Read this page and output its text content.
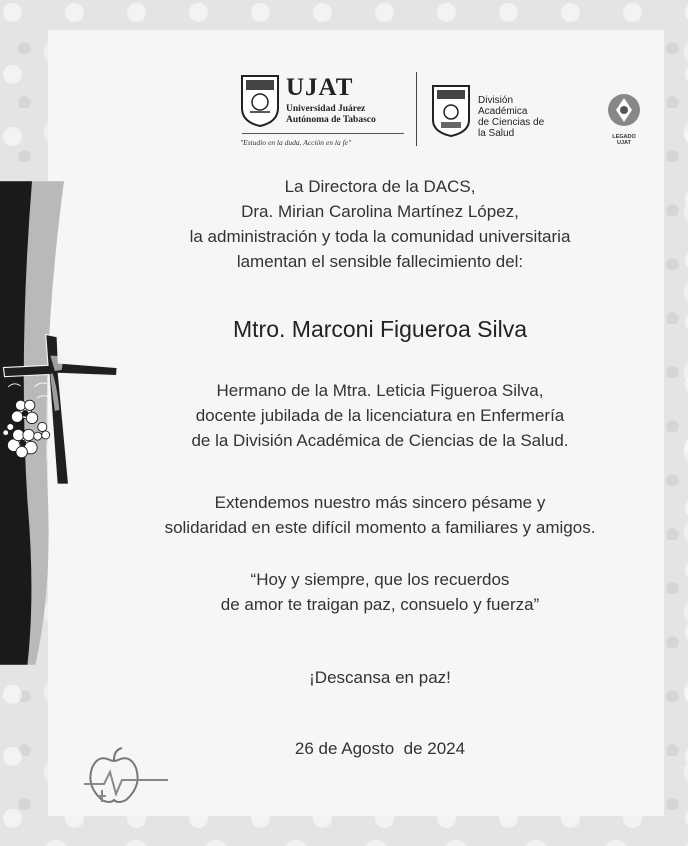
UJAT
Universidad Juárez
Autónoma de Tabasco
"Estudio en la duda. Acción en la fe"
División
Académica
de Ciencias de
la Salud	LEGADO
UJAT
La Directora de la DACS,
Dra. Mirian Carolina Martínez López,
la administración y toda la comunidad universitaria
lamentan el sensible fallecimiento del:
Mtro. Marconi Figueroa Silva
Hermano de la Mtra. Leticia Figueroa Silva,
docente jubilada de la licenciatura en Enfermería
de la División Académica de Ciencias de la Salud.
Extendemos nuestro más sincero pésame y
solidaridad en este difícil momento a familiares y amigos.
“Hoy y siempre, que los recuerdos
de amor te traigan paz, consuelo y fuerza”
¡Descansa en paz!
26 de Agosto  de 2024
